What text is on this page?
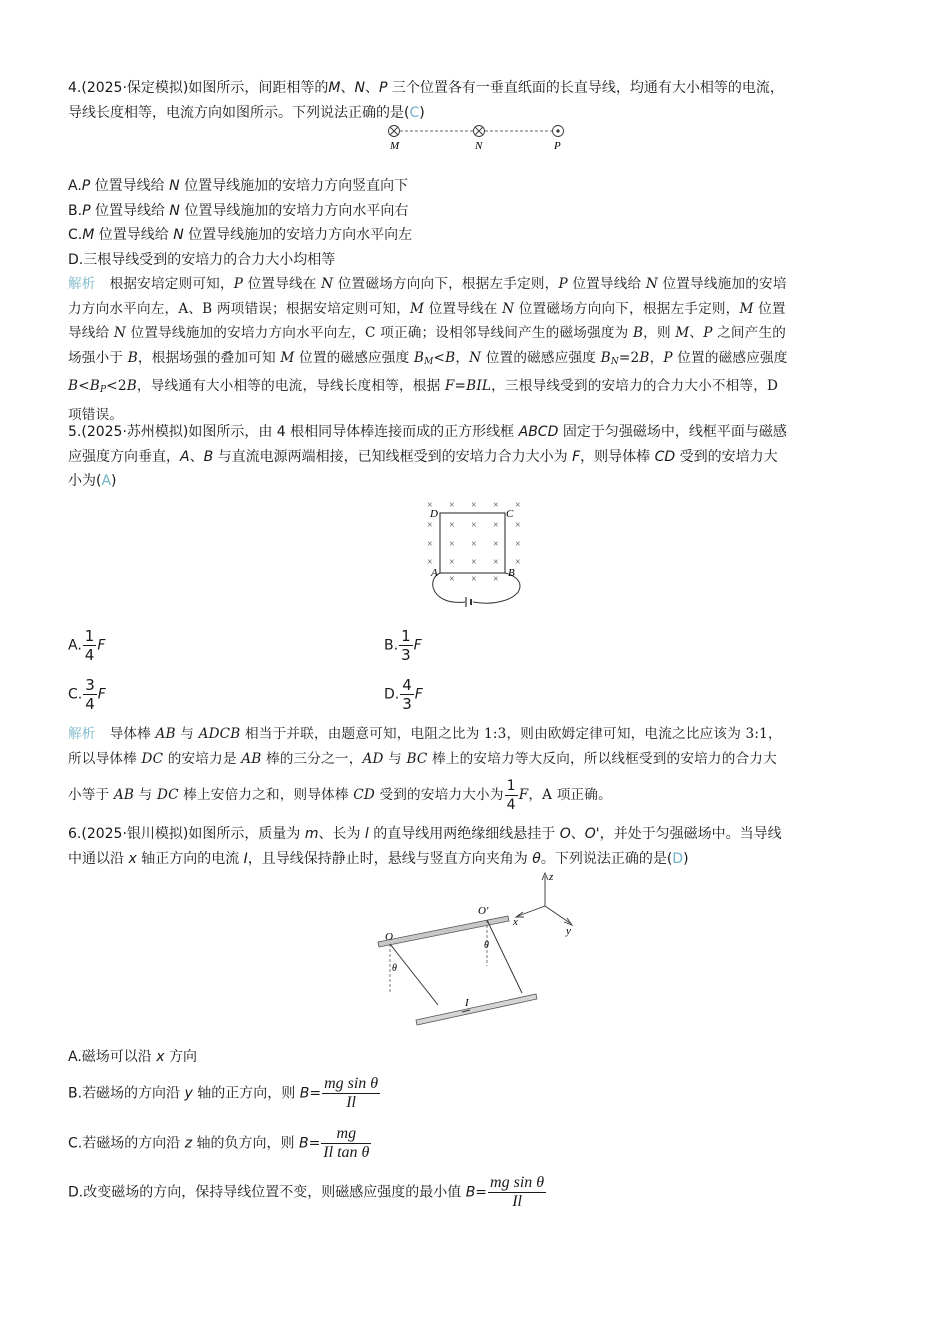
4.(2025·保定模拟)如图所示，间距相等的M、N、P 三个位置各有一垂直纸面的长直导线，均通有大小相等的电流，
导线长度相等，电流方向如图所示。下列说法正确的是(C)
M	N	P
A.P 位置导线给 N 位置导线施加的安培力方向竖直向下
B.P 位置导线给 N 位置导线施加的安培力方向水平向右
C.M 位置导线给 N 位置导线施加的安培力方向水平向左
D.三根导线受到的安培力的合力大小均相等
解析 根据安培定则可知，P 位置导线在 N 位置磁场方向向下，根据左手定则，P 位置导线给 N 位置导线施加的安培
力方向水平向左，A、B 两项错误；根据安培定则可知，M 位置导线在 N 位置磁场方向向下，根据左手定则，M 位置
导线给 N 位置导线施加的安培力方向水平向左，C 项正确；设相邻导线间产生的磁场强度为 B，则 M、P 之间产生的
场强小于 B，根据场强的叠加可知 M 位置的磁感应强度 $B_M<B$，N 位置的磁感应强度 $B_N=2B$，P 位置的磁感应强度
$B<B_P<2B$，导线通有大小相等的电流，导线长度相等，根据 F=BIL，三根导线受到的安培力的合力大小不相等，D
项错误。
5.(2025·苏州模拟)如图所示，由 4 根相同导体棒连接而成的正方形线框 ABCD 固定于匀强磁场中，线框平面与磁感
应强度方向垂直，A、B 与直流电源两端相接，已知线框受到的安培力合力大小为 F，则导体棒 CD 受到的安培力大
小为(A)
× × × × ×
× × × × ×
× × × × ×
× × × × ×
× × ×
D	C
A	B
A. $\frac{1}{4}$ F	B. $\frac{1}{3}$ F
C. $\frac{3}{4}$ F	D. $\frac{4}{3}$ F
解析 导体棒 AB 与 ADCB 相当于并联，由题意可知，电阻之比为 1:3，则由欧姆定律可知，电流之比应该为 3:1，
所以导体棒 DC 的安培力是 AB 棒的三分之一，AD 与 BC 棒上的安培力等大反向，所以线框受到的安培力的合力大
小等于 AB 与 DC 棒上安倍力之和，则导体棒 CD 受到的安培力大小为 $\frac{1}{4}$ F，A 项正确。
6.(2025·银川模拟)如图所示，质量为 m、长为 l 的直导线用两绝缘细线悬挂于 O、O'，并处于匀强磁场中。当导线
中通以沿 x 轴正方向的电流 I，且导线保持静止时，悬线与竖直方向夹角为 θ。下列说法正确的是(D)
z
x
y
O
O'
θ
θ
I
A.磁场可以沿 x 方向
B.若磁场的方向沿 y 轴的正方向，则 $B= \frac{\text{mg sin θ}}{Il}$
C.若磁场的方向沿 z 轴的负方向，则 $B= \frac{mg}{\text{Il tan θ}}$
D.改变磁场的方向，保持导线位置不变，则磁感应强度的最小值 $B= \frac{\text{mg sin θ}}{Il}$
